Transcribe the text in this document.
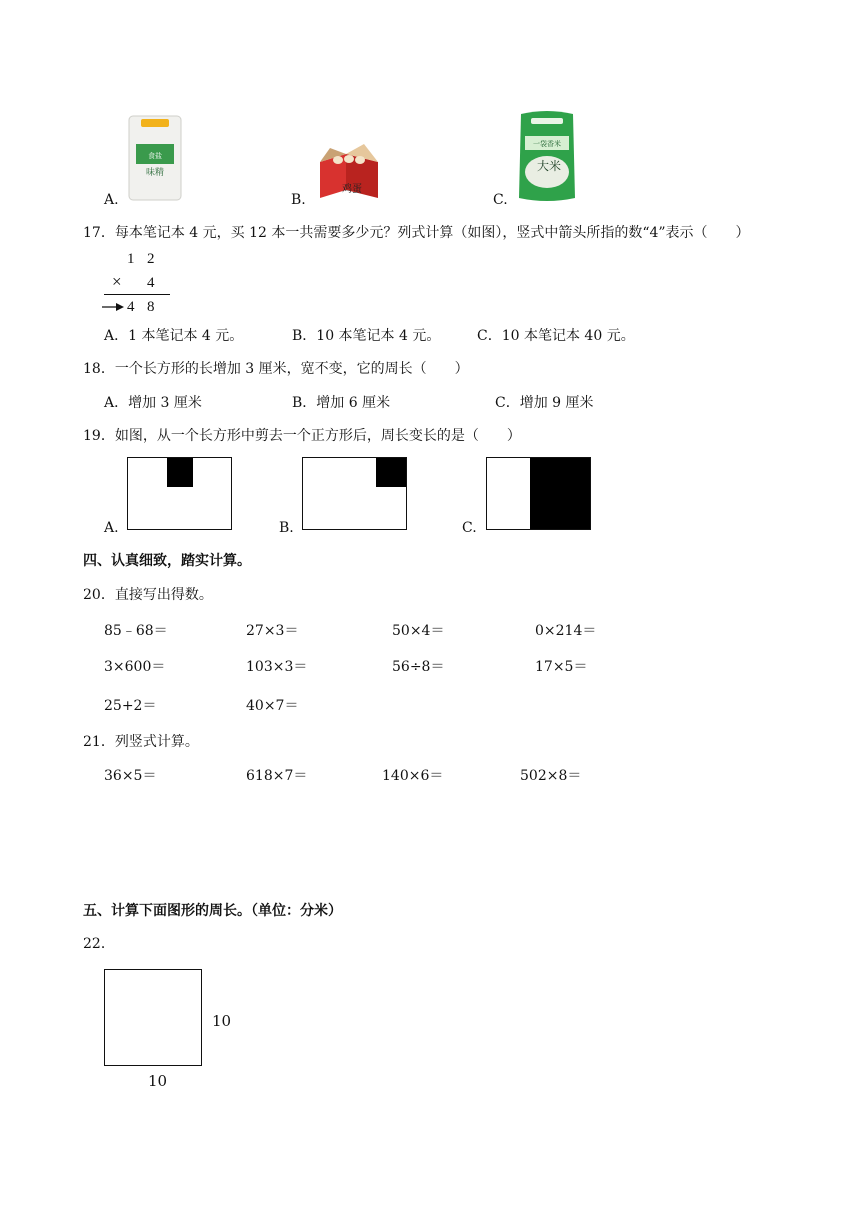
A.
食盐
味精
B.
鸡蛋
C.
一袋香米
大米
17．每本笔记本 4 元，买 12 本一共需要多少元？列式计算（如图），竖式中箭头所指的数“4”表示（　　）
1 2
× 4
4 8
A．1 本笔记本 4 元。	B．10 本笔记本 4 元。	C．10 本笔记本 40 元。
18．一个长方形的长增加 3 厘米，宽不变，它的周长（　　）
A．增加 3 厘米	B．增加 6 厘米	C．增加 9 厘米
19．如图，从一个长方形中剪去一个正方形后，周长变长的是（　　）
A.	B.	C.
四、认真细致，踏实计算。
20．直接写出得数。
85﹣68＝	27×3＝	50×4＝	0×214＝
3×600＝	103×3＝	56÷8＝	17×5＝
25+2＝	40×7＝
21．列竖式计算。
36×5＝	618×7＝	140×6＝	502×8＝
五、计算下面图形的周长。（单位：分米）
22．
10
10
